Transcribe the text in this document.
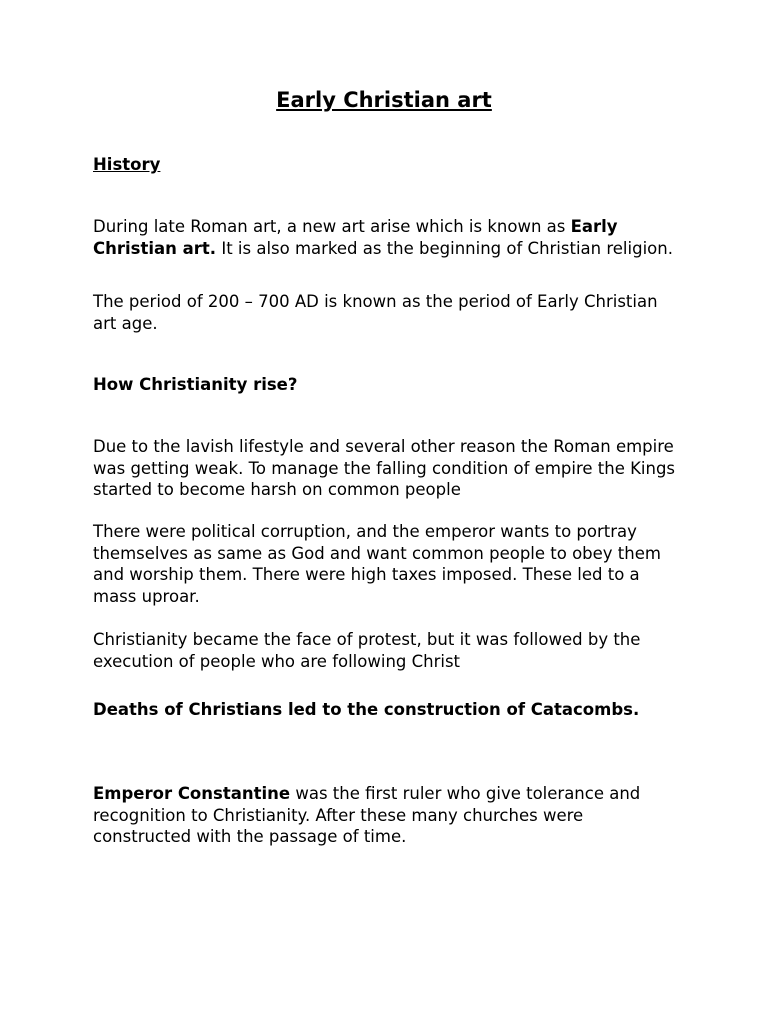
Early Christian art
History
During late Roman art, a new art arise which is known as Early Christian art. It is also marked as the beginning of Christian religion.
The period of 200 – 700 AD is known as the period of Early Christian art age.
How Christianity rise?
Due to the lavish lifestyle and several other reason the Roman empire was getting weak. To manage the falling condition of empire the Kings started to become harsh on common people
There were political corruption, and the emperor wants to portray themselves as same as God and want common people to obey them and worship them. There were high taxes imposed. These led to a mass uproar.
Christianity became the face of protest, but it was followed by the execution of people who are following Christ
Deaths of Christians led to the construction of Catacombs.
Emperor Constantine was the first ruler who give tolerance and recognition to Christianity. After these many churches were constructed with the passage of time.
